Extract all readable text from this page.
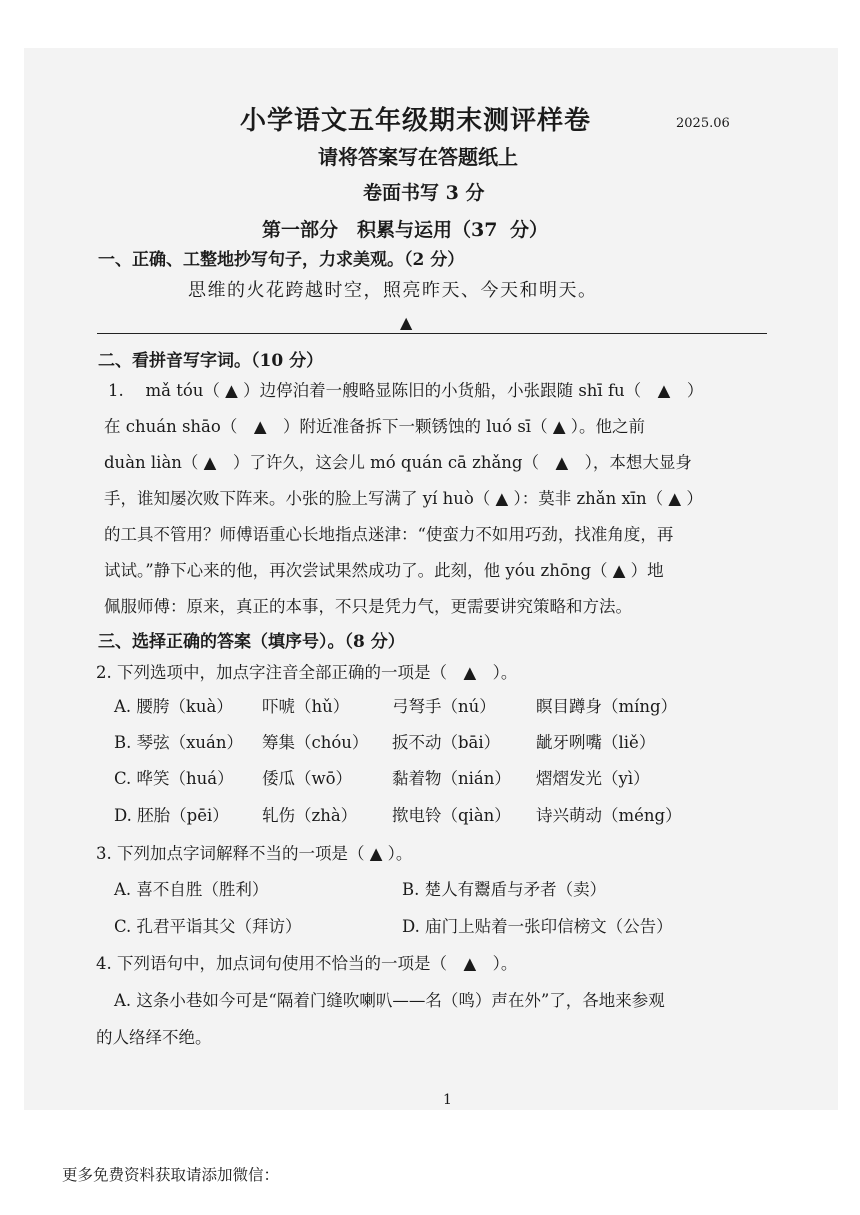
小学语文五年级期末测评样卷	2025.06
请将答案写在答题纸上
卷面书写 3 分
第一部分　积累与运用（37 分）
一、正确、工整地抄写句子，力求美观。（2 分）
思维的火花跨越时空，照亮昨天、今天和明天。
▲
二、看拼音写字词。（10 分）
1.　 mǎ tóu（ ▲ ）边停泊着一艘略显陈旧的小货船，小张跟随 shī fu（　▲　）
在 chuán shāo（　▲　）附近准备拆下一颗锈蚀的 luó sī（ ▲ ）。他之前
duàn liàn（ ▲　）了许久，这会儿 mó quán cā zhǎng（　▲　），本想大显身
手，谁知屡次败下阵来。小张的脸上写满了 yí huò（ ▲ ）：莫非 zhǎn xīn（ ▲ ）
的工具不管用？师傅语重心长地指点迷津：“使蛮力不如用巧劲，找准角度，再
试试。”静下心来的他，再次尝试果然成功了。此刻，他 yóu zhōng（ ▲ ）地
佩服师傅：原来，真正的本事，不只是凭力气，更需要讲究策略和方法。
三、选择正确的答案（填序号）。（8 分）
2. 下列选项中，加点字注音全部正确的一项是（　▲　）。
A. 腰胯（kuà） 吓唬（hǔ）	弓弩手（nú） 瞑目蹲身（míng）
B. 琴弦（xuán） 筹集（chóu） 扳不动（bāi） 龇牙咧嘴（liě）
C. 哗笑（huá） 倭瓜（wō） 黏着物（nián） 熠熠发光（yì）
D. 胚胎（pēi） 轧伤（zhà） 揿电铃（qiàn） 诗兴萌动（méng）
3. 下列加点字词解释不当的一项是（ ▲ ）。
A. 喜不自胜（胜利）	B. 楚人有鬻盾与矛者（卖）
C. 孔君平诣其父（拜访）	D. 庙门上贴着一张印信榜文（公告）
4. 下列语句中，加点词句使用不恰当的一项是（　▲　）。
A. 这条小巷如今可是“隔着门缝吹喇叭——名（鸣）声在外”了，各地来参观
的人络绎不绝。
1
更多免费资料获取请添加微信：
